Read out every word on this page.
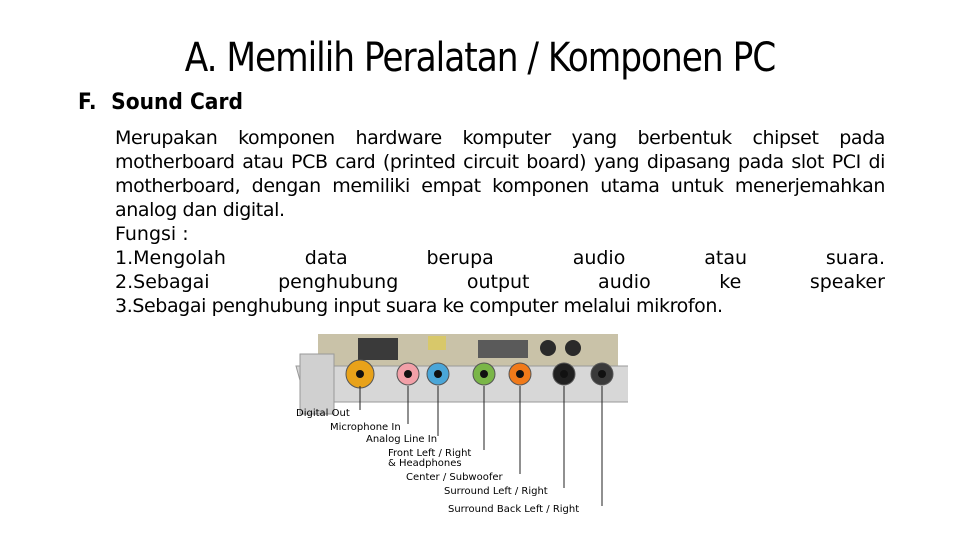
A. Memilih Peralatan / Komponen PC
F. Sound Card

Merupakan komponen hardware komputer yang berbentuk chipset pada motherboard atau PCB card (printed circuit board) yang dipasang pada slot PCI di motherboard, dengan memiliki empat komponen utama untuk menerjemahkan analog dan digital.

Fungsi :

1.Mengolah	data	berupa	audio	atau	suara.
2.Sebagai	penghubung	output	audio	ke	speaker

3.Sebagai penghubung input suara ke computer melalui mikrofon.

Digital Out
Microphone In
Analog Line In
Front Left / Right
& Headphones
Center / Subwoofer
Surround Left / Right
Surround Back Left / Right
